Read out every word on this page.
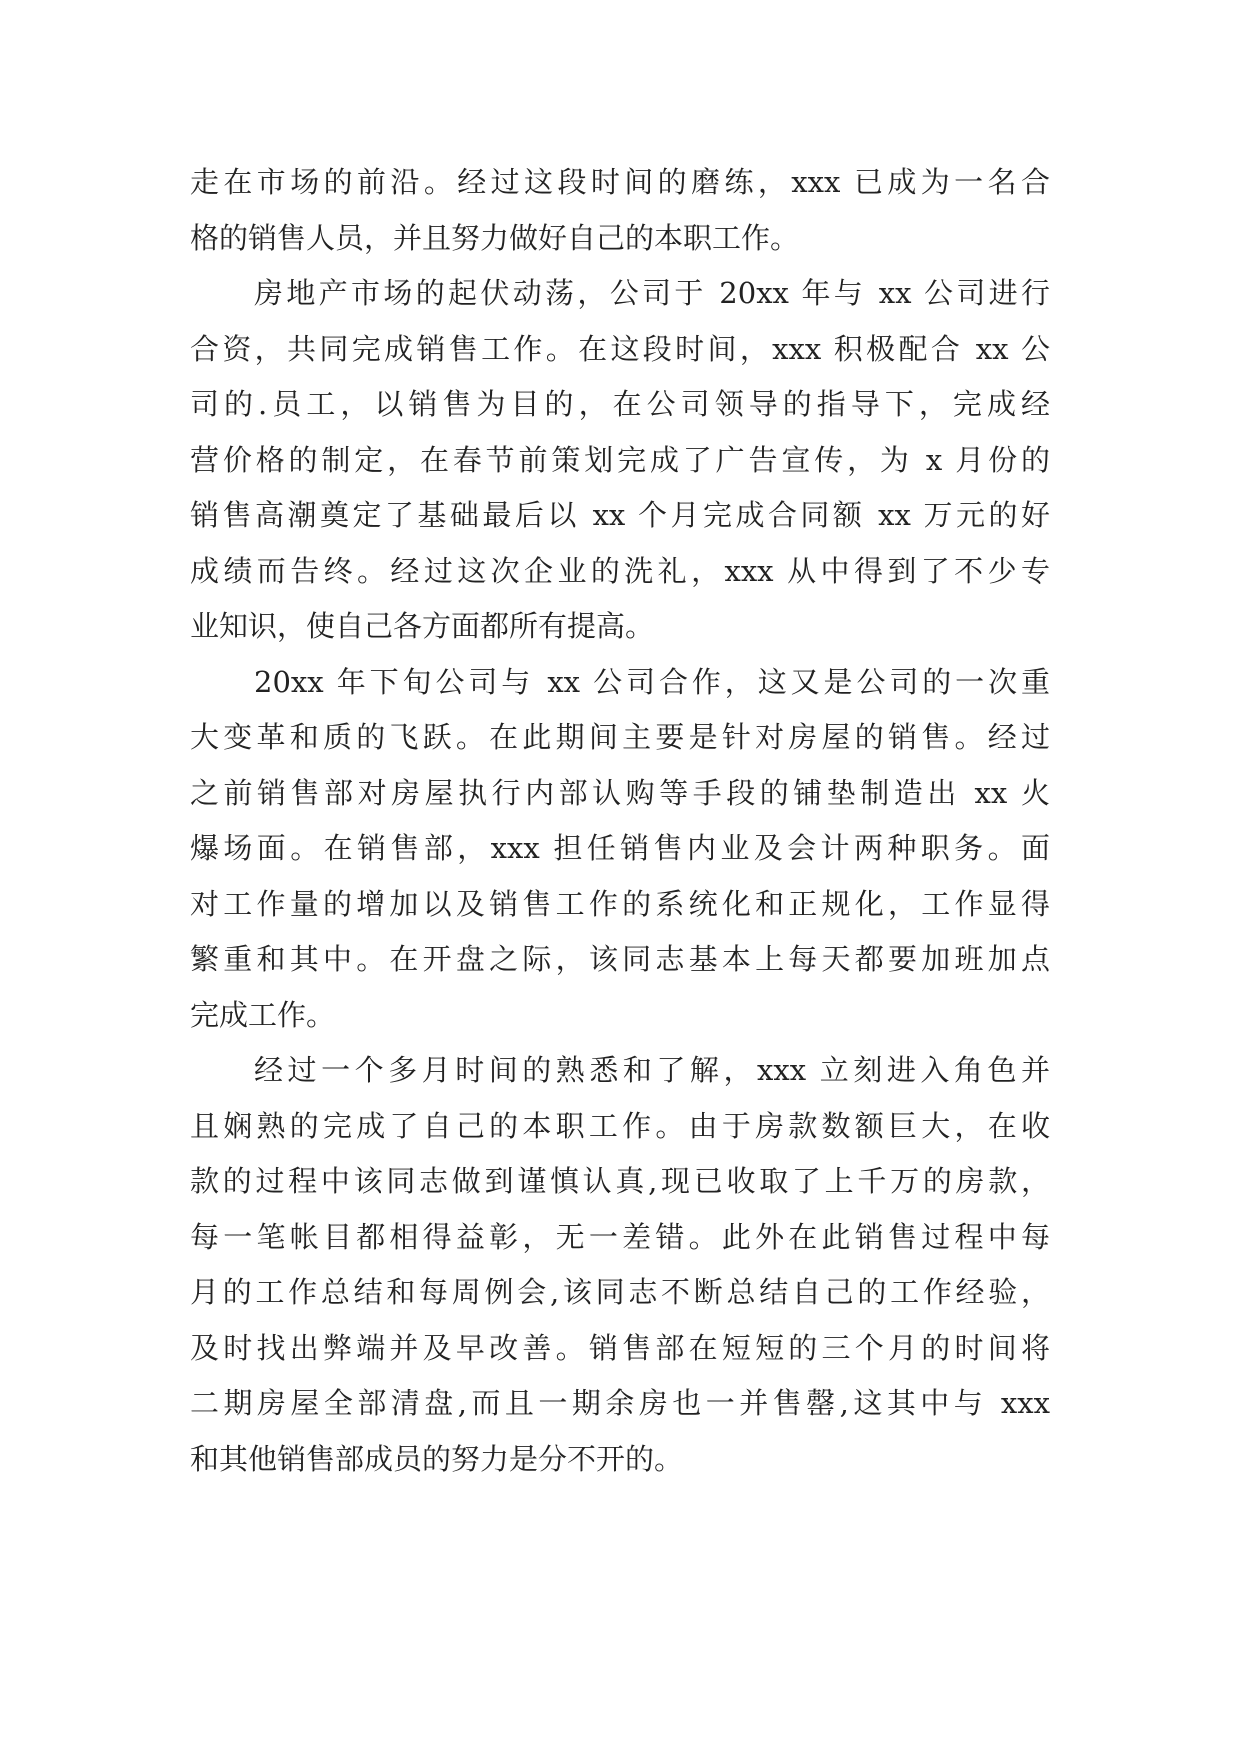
走在市场的前沿。经过这段时间的磨练，xxx 已成为一名合
格的销售人员，并且努力做好自己的本职工作。
房地产市场的起伏动荡，公司于 20xx 年与 xx 公司进行
合资，共同完成销售工作。在这段时间，xxx 积极配合 xx 公
司的.员工，以销售为目的，在公司领导的指导下，完成经
营价格的制定，在春节前策划完成了广告宣传，为 x 月份的
销售高潮奠定了基础最后以 xx 个月完成合同额 xx 万元的好
成绩而告终。经过这次企业的洗礼，xxx 从中得到了不少专
业知识，使自己各方面都所有提高。
20xx 年下旬公司与 xx 公司合作，这又是公司的一次重
大变革和质的飞跃。在此期间主要是针对房屋的销售。经过
之前销售部对房屋执行内部认购等手段的铺垫制造出 xx 火
爆场面。在销售部，xxx 担任销售内业及会计两种职务。面
对工作量的增加以及销售工作的系统化和正规化，工作显得
繁重和其中。在开盘之际，该同志基本上每天都要加班加点
完成工作。
经过一个多月时间的熟悉和了解，xxx 立刻进入角色并
且娴熟的完成了自己的本职工作。由于房款数额巨大，在收
款的过程中该同志做到谨慎认真,现已收取了上千万的房款，
每一笔帐目都相得益彰，无一差错。此外在此销售过程中每
月的工作总结和每周例会,该同志不断总结自己的工作经验，
及时找出弊端并及早改善。销售部在短短的三个月的时间将
二期房屋全部清盘,而且一期余房也一并售罄,这其中与 xxx
和其他销售部成员的努力是分不开的。
